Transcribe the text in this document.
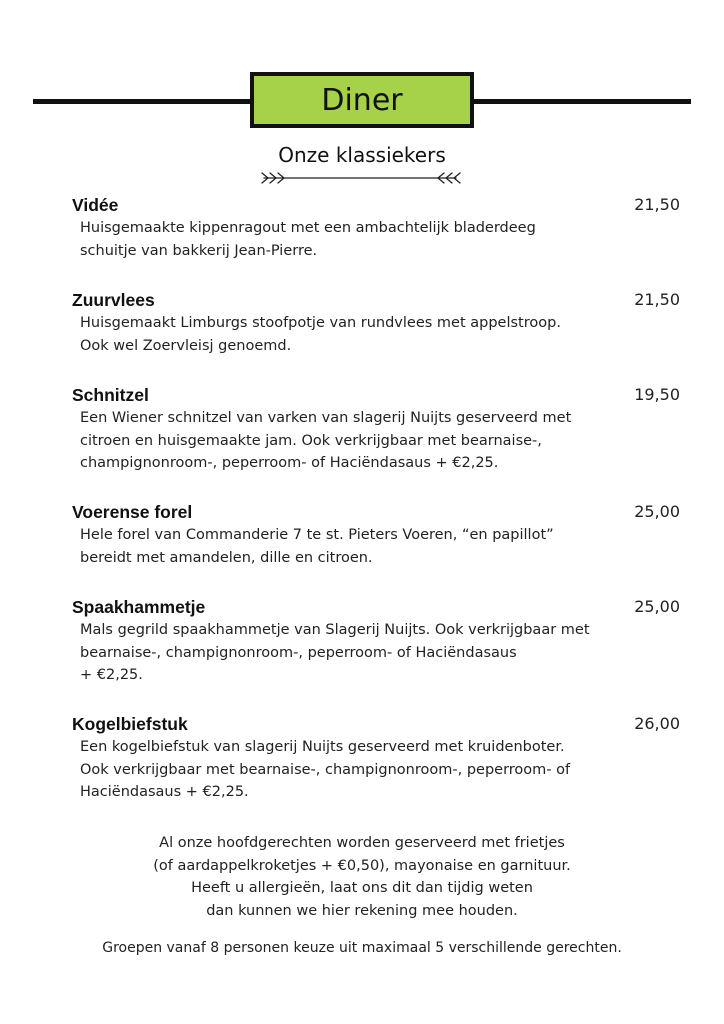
Diner
Onze klassiekers
Vidée	21,50
Huisgemaakte kippenragout met een ambachtelijk bladerdeeg
schuitje van bakkerij Jean-Pierre.
Zuurvlees	21,50
Huisgemaakt Limburgs stoofpotje van rundvlees met appelstroop.
Ook wel Zoervleisj genoemd.
Schnitzel	19,50
Een Wiener schnitzel van varken van slagerij Nuijts geserveerd met
citroen en huisgemaakte jam. Ook verkrijgbaar met bearnaise-,
champignonroom-, peperroom- of Haciëndasaus + €2,25.
Voerense forel	25,00
Hele forel van Commanderie 7 te st. Pieters Voeren, “en papillot”
bereidt met amandelen, dille en citroen.
Spaakhammetje	25,00
Mals gegrild spaakhammetje van Slagerij Nuijts. Ook verkrijgbaar met
bearnaise-, champignonroom-, peperroom- of Haciëndasaus
+ €2,25.
Kogelbiefstuk	26,00
Een kogelbiefstuk van slagerij Nuijts geserveerd met kruidenboter.
Ook verkrijgbaar met bearnaise-, champignonroom-, peperroom- of
Haciëndasaus + €2,25.
Al onze hoofdgerechten worden geserveerd met frietjes
(of aardappelkroketjes + €0,50), mayonaise en garnituur.
Heeft u allergieën, laat ons dit dan tijdig weten
dan kunnen we hier rekening mee houden.
Groepen vanaf 8 personen keuze uit maximaal 5 verschillende gerechten.
